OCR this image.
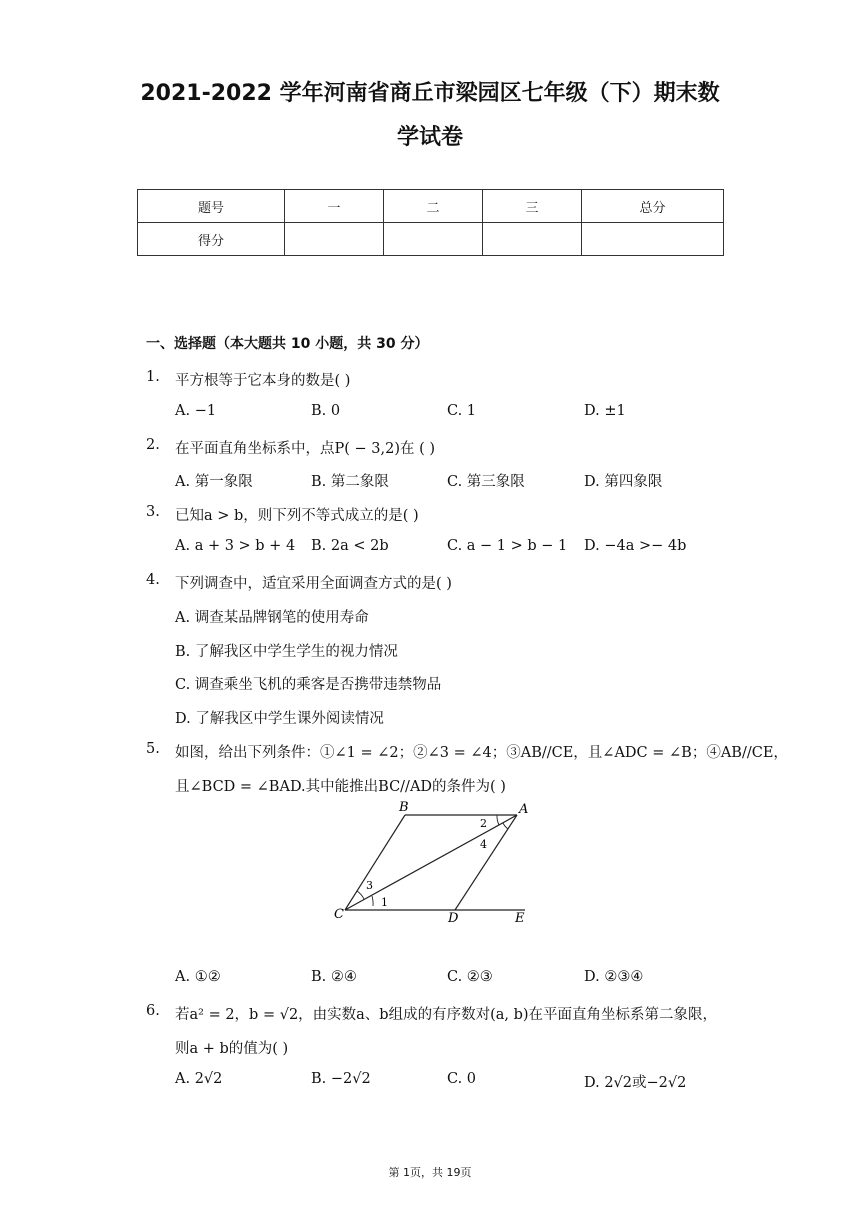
2021-2022 学年河南省商丘市梁园区七年级（下）期末数
学试卷
题号	一	二	三	总分
得分				
一、选择题（本大题共 10 小题，共 30 分）
1. 平方根等于它本身的数是( )
A. −1	B. 0	C. 1	D. ±1
2. 在平面直角坐标系中，点P( − 3,2)在 ( )
A. 第一象限	B. 第二象限	C. 第三象限	D. 第四象限
3. 已知a > b，则下列不等式成立的是( )
A. a + 3 > b + 4 B. 2a < 2b	C. a − 1 > b − 1 D. −4a >− 4b
4. 下列调查中，适宜采用全面调查方式的是( )
A. 调查某品牌钢笔的使用寿命
B. 了解我区中学生学生的视力情况
C. 调查乘坐飞机的乘客是否携带违禁物品
D. 了解我区中学生课外阅读情况
5. 如图，给出下列条件：①∠1 = ∠2；②∠3 = ∠4；③AB//CE，且∠ADC = ∠B；④AB//CE，
且∠BCD = ∠BAD.其中能推出BC//AD的条件为( )
B	A
C	D	E
1
2
3
4
A. ①②	B. ②④	C. ②③	D. ②③④
6. 若a² = 2，b = √2，由实数a、b组成的有序数对(a, b)在平面直角坐标系第二象限，
则a + b的值为( )
A. 2√2	B. −2√2	C. 0	D. 2√2或−2√2
第 1页，共 19页
